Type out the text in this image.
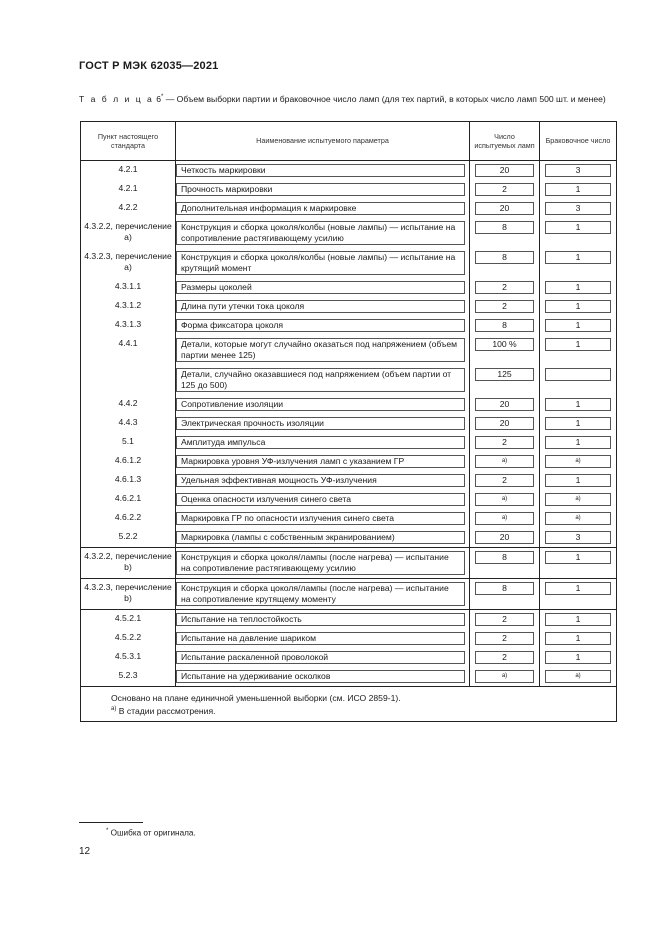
ГОСТ Р МЭК 62035—2021
Т а б л и ц а 6* — Объем выборки партии и браковочное число ламп (для тех партий, в которых число ламп 500 шт. и менее)
Пункт настоящего стандарта	Наименование испытуемого параметра	Число испытуемых ламп	Браковочное число
4.2.1	Четкость маркировки	20	3

4.2.1	Прочность маркировки	2	1

4.2.2	Дополнительная информация к маркировке	20	3

4.3.2.2, перечисление a)	Конструкция и сборка цоколя/колбы (новые лампы) — испытание на сопротивление растягивающему усилию	8	1

4.3.2.3, перечисление a)	Конструкция и сборка цоколя/колбы (новые лампы) — испытание на крутящий момент	8	1

4.3.1.1	Размеры цоколей	2	1

4.3.1.2	Длина пути утечки тока цоколя	2	1

4.3.1.3	Форма фиксатора цоколя	8	1

4.4.1	Детали, которые могут случайно оказаться под напряжением (объем партии менее 125)	100 %	1

	Детали, случайно оказавшиеся под напряжением (объем партии от 125 до 500)	125	

4.4.2	Сопротивление изоляции	20	1

4.4.3	Электрическая прочность изоляции	20	1

5.1	Амплитуда импульса	2	1

4.6.1.2	Маркировка уровня УФ-излучения ламп с указанием ГР	a)	a)

4.6.1.3	Удельная эффективная мощность УФ-излучения	2	1

4.6.2.1	Оценка опасности излучения синего света	a)	a)

4.6.2.2	Маркировка ГР по опасности излучения синего света	a)	a)

5.2.2	Маркировка (лампы с собственным экранированием)	20	3

4.3.2.2, перечисление b)	Конструкция и сборка цоколя/лампы (после нагрева) — испытание на сопротивление растягивающему усилию	8	1

4.3.2.3, перечисление b)	Конструкция и сборка цоколя/лампы (после нагрева) — испытание на сопротивление крутящему моменту	8	1

4.5.2.1	Испытание на теплостойкость	2	1

4.5.2.2	Испытание на давление шариком	2	1

4.5.3.1	Испытание раскаленной проволокой	2	1

5.2.3	Испытание на удерживание осколков	a)	a)

Основано на плане единичной уменьшенной выборки (см. ИСО 2859-1).
$^{a)}$ В стадии рассмотрения.			
* Ошибка от оригинала.
12
